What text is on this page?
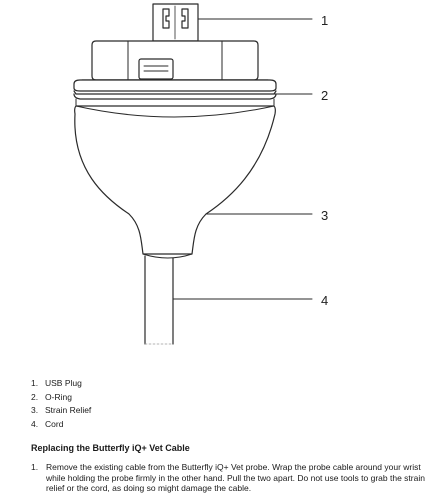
1
2
3
4
1. USB Plug
2. O-Ring
3. Strain Relief
4. Cord
Replacing the Butterfly iQ+ Vet Cable
1. Remove the existing cable from the Butterfly iQ+ Vet probe. Wrap the probe cable around your wrist while holding the probe firmly in the other hand. Pull the two apart. Do not use tools to grab the strain relief or the cord, as doing so might damage the cable.
